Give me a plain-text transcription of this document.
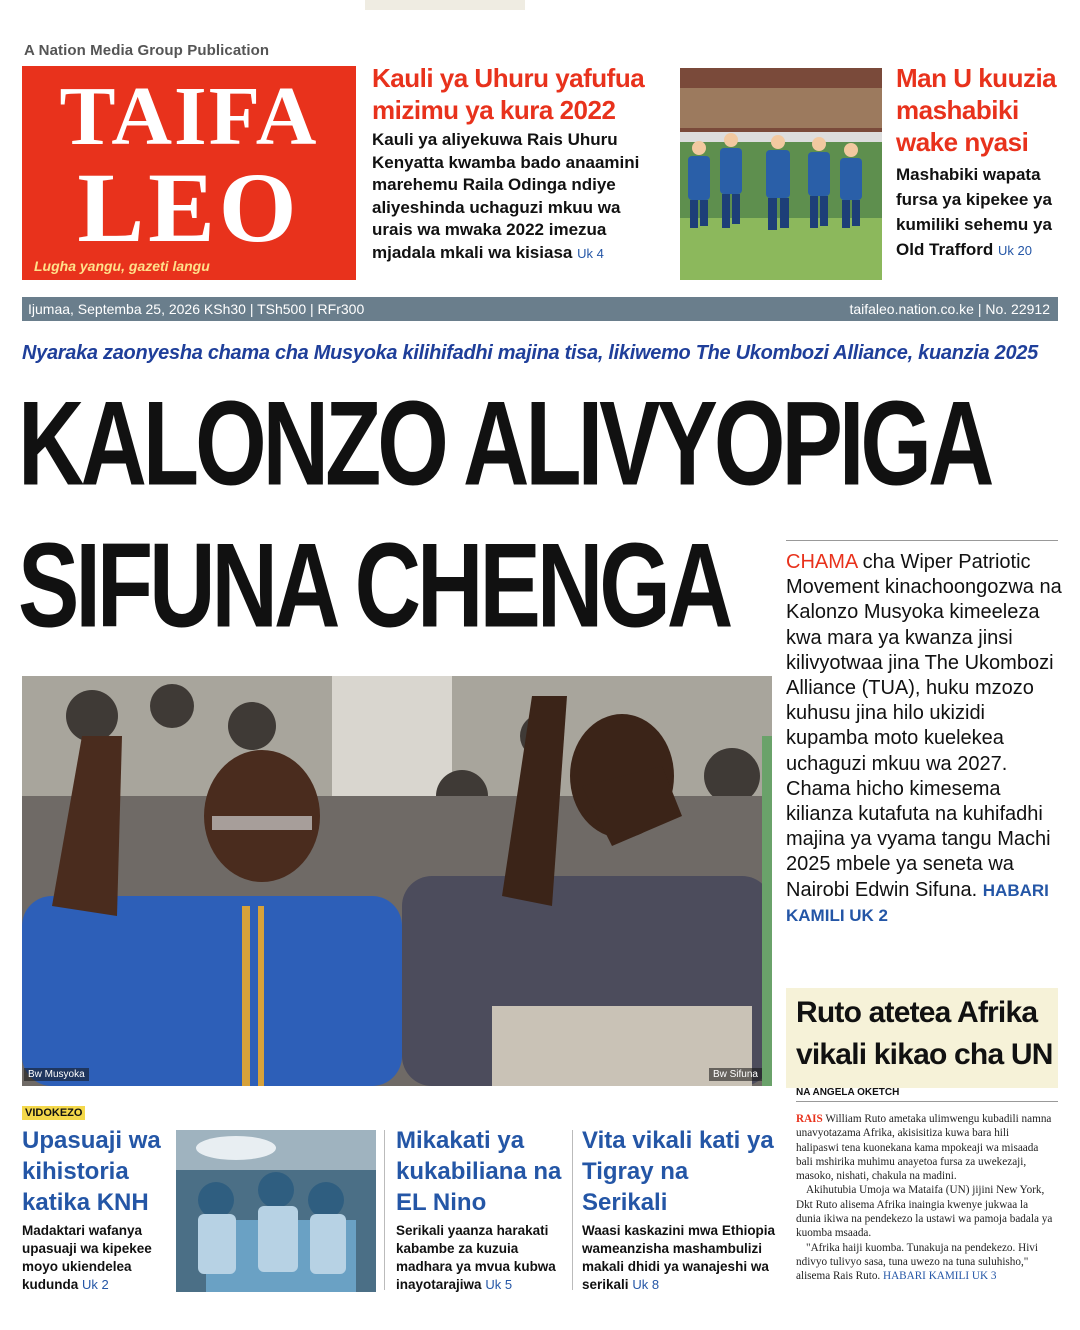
A Nation Media Group Publication
TAIFA
LEO
Lugha yangu, gazeti langu
Kauli ya Uhuru yafufua mizimu ya kura 2022
Kauli ya aliyekuwa Rais Uhuru Kenyatta kwamba bado anaamini marehemu Raila Odinga ndiye aliyeshinda uchaguzi mkuu wa urais wa mwaka 2022 imezua mjadala mkali wa kisiasa Uk 4
Man U kuuzia mashabiki wake nyasi
Mashabiki wapata fursa ya kipekee ya kumiliki sehemu ya Old Trafford Uk 20
Ijumaa, Septemba 25, 2026 KSh30 | TSh500 | RFr300	taifaleo.nation.co.ke | No. 22912
Nyaraka zaonyesha chama cha Musyoka kilihifadhi majina tisa, likiwemo The Ukombozi Alliance, kuanzia 2025
KALONZO ALIVYOPIGA
SIFUNA CHENGA	CHAMA cha Wiper Patriotic Movement kinachoongozwa na Kalonzo Musyoka kimeeleza kwa mara ya kwanza jinsi kilivyotwaa jina The Ukombozi Alliance (TUA), huku mzozo kuhusu jina hilo ukizidi kupamba moto kuelekea uchaguzi mkuu wa 2027. Chama hicho kimesema kilianza kutafuta na kuhifadhi majina ya vyama tangu Machi 2025 mbele ya seneta wa Nairobi Edwin Sifuna. HABARI KAMILI UK 2
Bw Musyoka	Bw Sifuna
Ruto atetea Afrika vikali kikao cha UN
NA ANGELA OKETCH
RAIS William Ruto ametaka ulimwengu kubadili namna unavyotazama Afrika, akisisitiza kuwa bara hili halipaswi tena kuonekana kama mpokeaji wa misaada bali mshirika muhimu anayetoa fursa za uwekezaji, masoko, nishati, chakula na madini.
Akihutubia Umoja wa Mataifa (UN) jijini New York, Dkt Ruto alisema Afrika inaingia kwenye jukwaa la dunia ikiwa na pendekezo la ustawi wa pamoja badala ya kuomba msaada.
"Afrika haiji kuomba. Tunakuja na pendekezo. Hivi ndivyo tulivyo sasa, tuna uwezo na tuna suluhisho," alisema Rais Ruto. HABARI KAMILI UK 3
VIDOKEZO
Upasuaji wa kihistoria katika KNH
Madaktari wafanya upasuaji wa kipekee moyo ukiendelea kudunda Uk 2
Mikakati ya kukabiliana na EL Nino
Serikali yaanza harakati kabambe za kuzuia madhara ya mvua kubwa inayotarajiwa Uk 5
Vita vikali kati ya Tigray na Serikali
Waasi kaskazini mwa Ethiopia wameanzisha mashambulizi makali dhidi ya wanajeshi wa serikali Uk 8
